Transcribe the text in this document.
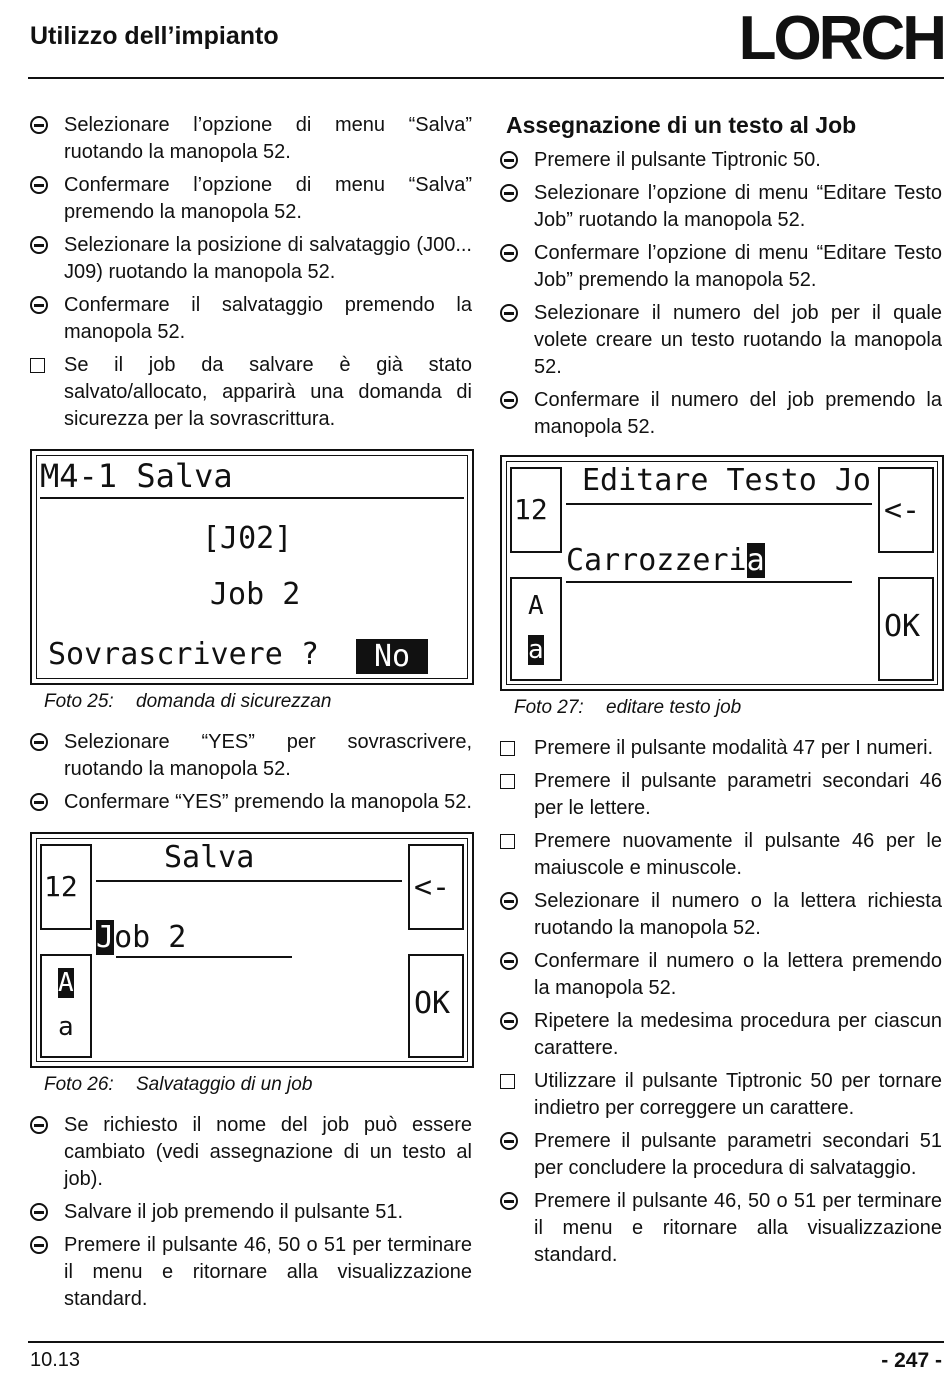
Utilizzo dell’impianto	LORCH
Selezionare l’opzione di menu “Salva” ruotando la manopola 52.
Confermare l’opzione di menu “Salva” premendo la manopola 52.
Selezionare la posizione di salvataggio (J00... J09) ruotando la manopola 52.
Confermare il salvataggio premendo la manopola 52.
Se il job da salvare è già stato salvato/allocato, apparirà una domanda di sicurezza per la sovrascrittura.
M4-1 Salva
[J02]
Job 2
Sovrascrivere ?	No
Foto 25: domanda di sicurezzan
Selezionare “YES” per sovrascrivere, ruotando la manopola 52.
Confermare “YES” premendo la manopola 52.
12
Salva
<-
Job 2
A
a
OK
Foto 26: Salvataggio di un job
Se richiesto il nome del job può essere cambiato (vedi assegnazione di un testo al job).
Salvare il job premendo il pulsante 51.
Premere il pulsante 46, 50 o 51 per terminare il menu e ritornare alla visualizzazione standard.
Assegnazione di un testo al Job
Premere il pulsante Tiptronic 50.
Selezionare l’opzione di menu “Editare Testo Job” ruotando la manopola 52.
Confermare l’opzione di menu “Editare Testo Job” premendo la manopola 52.
Selezionare il numero del job per il quale volete creare un testo ruotando la manopola 52.
Confermare il numero del job premendo la manopola 52.
12
Editare Testo Jo
<-
Carrozzeria
A
a
OK
Foto 27: editare testo job
Premere il pulsante modalità 47 per I numeri.
Premere il pulsante parametri secondari 46 per le lettere.
Premere nuovamente il pulsante 46 per le maiuscole e minuscole.
Selezionare il numero o la lettera richiesta ruotando la manopola 52.
Confermare il numero o la lettera premendo la manopola 52.
Ripetere la medesima procedura per ciascun carattere.
Utilizzare il pulsante Tiptronic 50 per tornare indietro per correggere un carattere.
Premere il pulsante parametri secondari 51 per concludere la procedura di salvataggio.
Premere il pulsante 46, 50 o 51 per terminare il menu e ritornare alla visualizzazione standard.
10.13	- 247 -
